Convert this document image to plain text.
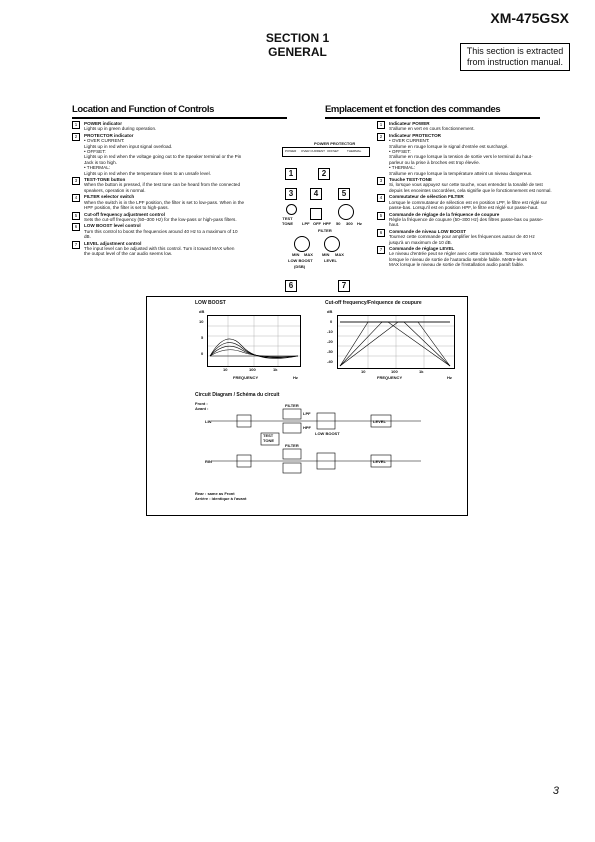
XM-475GSX
SECTION 1
GENERAL	This section is extracted from instruction manual.
Location and Function of Controls
1	POWER indicator
Lights up in green during operation.
2	PROTECTOR indicator
• OVER CURRENT:
Lights up in red when input signal overload.
• OFFSET:
Lights up in red when the voltage going out to the Speaker terminal or the Pin
Jack is too high.
• THERMAL:
Lights up in red when the temperature rises to an unsafe level.
3	TEST-TONE button
When the button is pressed, if the test tone can be heard from the connected
speakers, operation is normal.
4	FILTER selector switch
When the switch is in the LPF position, the filter is set to low-pass. When in the
HPF position, the filter is set to high-pass.
5	Cut-off frequency adjustment control
Sets the cut-off frequency (50–300 Hz) for the low-pass or high-pass filters.
6	LOW BOOST level control
Turn this control to boost the frequencies around 40 Hz to a maximum of 10
dB.
7	LEVEL adjustment control
The input level can be adjusted with this control. Turn it toward MAX when
the output level of the car audio seems low.
Emplacement et fonction des commandes
1	Indicateur POWER
S'allume en vert en cours fonctionnement.
2	Indicateur PROTECTOR
• OVER CURRENT:
S'allume en rouge lorsque le signal d'entrée est surchargé.
• OFFSET:
S'allume en rouge lorsque la tension de sortie vers le terminal du haut-
parleur ou la prise à broches est trop élevée.
• THERMAL:
S'allume en rouge lorsque la température atteint un niveau dangereux.
3	Touche TEST-TONE
Si, lorsque vous appuyez sur cette touche, vous entendez la tonalité de test
depuis les enceintes raccordées, cela signifie que le fonctionnement est normal.
4	Commutateur de sélection FILTER
Lorsque le commutateur de sélection est en position LPF, le filtre est réglé sur
passe-bas. Lorsqu'il est en position HPF, le filtre est réglé sur passe-haut.
5	Commande de réglage de la fréquence de coupure
Règle la fréquence de coupure (50–300 Hz) des filtres passe-bas ou passe-haut.
6	Commande de niveau LOW BOOST
Tournez cette commande pour amplifier les fréquences autour de 40 Hz
jusqu'à un maximum de 10 dB.
7	Commande de réglage LEVEL
Le niveau d'entrée peut se régler avec cette commande. Tournez vers MAX
lorsque le niveau de sortie de l'autoradio semble faible. Mettre-leurs
MAX lorsque le niveau de sortie de l'installation audio paraît faible.
POWER PROTECTOR
POWER OVER CURRENT OFFSET	THERMAL
1	2
3	4	5
TEST
TONE LPF OFF HPF 50 300 Hz
FILTER
MIN MAX MIN MAX
LOW BOOST
(DSB)
LEVEL
6	7
LOW BOOST	Cut-off frequency/Fréquence de coupure
dB	dB
10
5
0
10	100	1k
FREQUENCY	Hz
0
-10
-20
-30
-40
10	100	1k
FREQUENCY	Hz
Circuit Diagram / Schéma du circuit
Front :
Avant :
LIN
RIN
FILTER
FILTER
LPF
HPF
TEST
TONE
LOW BOOST
LEVEL
LEVEL
Rear : same as Front
Arrière : identique à l'avant
3
